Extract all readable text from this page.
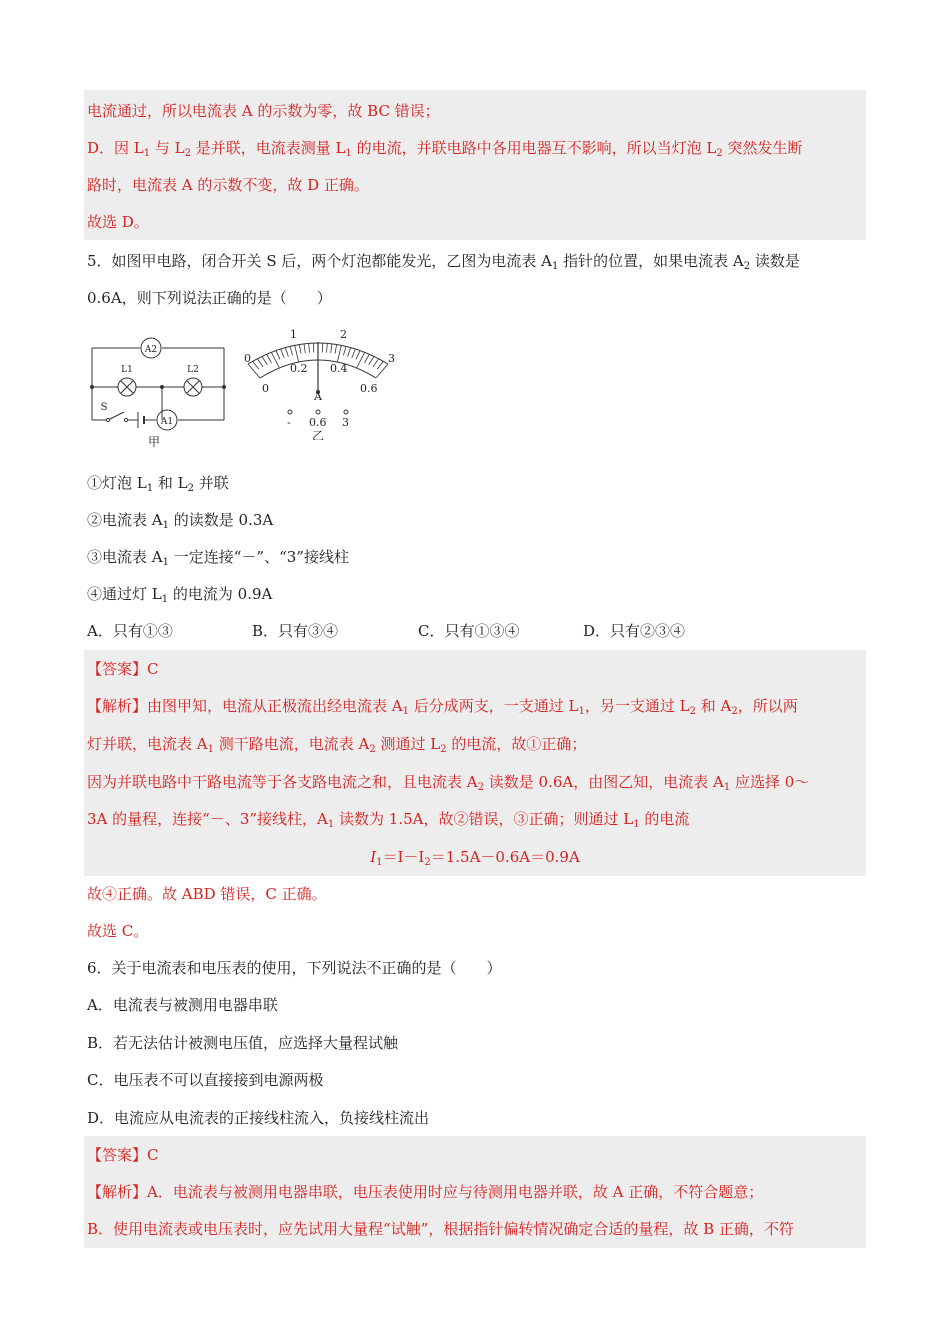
电流通过，所以电流表 A 的示数为零，故 BC 错误；
D．因 $L_1$ 与 $L_2$ 是并联，电流表测量 $L_1$ 的电流，并联电路中各用电器互不影响，所以当灯泡 $L_2$ 突然发生断
路时，电流表 A 的示数不变，故 D 正确。
故选 D。
5．如图甲电路，闭合开关 S 后，两个灯泡都能发光，乙图为电流表 $A_1$ 指针的位置，如果电流表 $A_2$ 读数是
0.6A，则下列说法正确的是（　　）
A2
L1	L2
S
A1
甲
0
1	2
3
0
0.2 0.4
0.6
A
- 0.6 3
乙
①灯泡 $L_1$ 和 $L_2$ 并联
②电流表 $A_1$ 的读数是 0.3A
③电流表 $A_1$ 一定连接“－”、“3”接线柱
④通过灯 $L_1$ 的电流为 0.9A
A．只有①③	B．只有③④	C．只有①③④	D．只有②③④
【答案】C
【解析】由图甲知，电流从正极流出经电流表 $A_1$ 后分成两支，一支通过 $L_1$，另一支通过 $L_2$ 和 $A_2$，所以两
灯并联，电流表 $A_1$ 测干路电流，电流表 $A_2$ 测通过 $L_2$ 的电流，故①正确；
因为并联电路中干路电流等于各支路电流之和，且电流表 $A_2$ 读数是 0.6A，由图乙知，电流表 $A_1$ 应选择 0～
3A 的量程，连接“－、3”接线柱，$A_1$ 读数为 1.5A，故②错误，③正确；则通过 $L_1$ 的电流
$I_1=I-I_2=1.5A-0.6A=0.9A$
故④正确。故 ABD 错误，C 正确。
故选 C。
6．关于电流表和电压表的使用，下列说法不正确的是（　　）
A．电流表与被测用电器串联
B．若无法估计被测电压值，应选择大量程试触
C．电压表不可以直接接到电源两极
D．电流应从电流表的正接线柱流入，负接线柱流出
【答案】C
【解析】A．电流表与被测用电器串联，电压表使用时应与待测用电器并联，故 A 正确，不符合题意；
B．使用电流表或电压表时，应先试用大量程“试触”，根据指针偏转情况确定合适的量程，故 B 正确，不符
